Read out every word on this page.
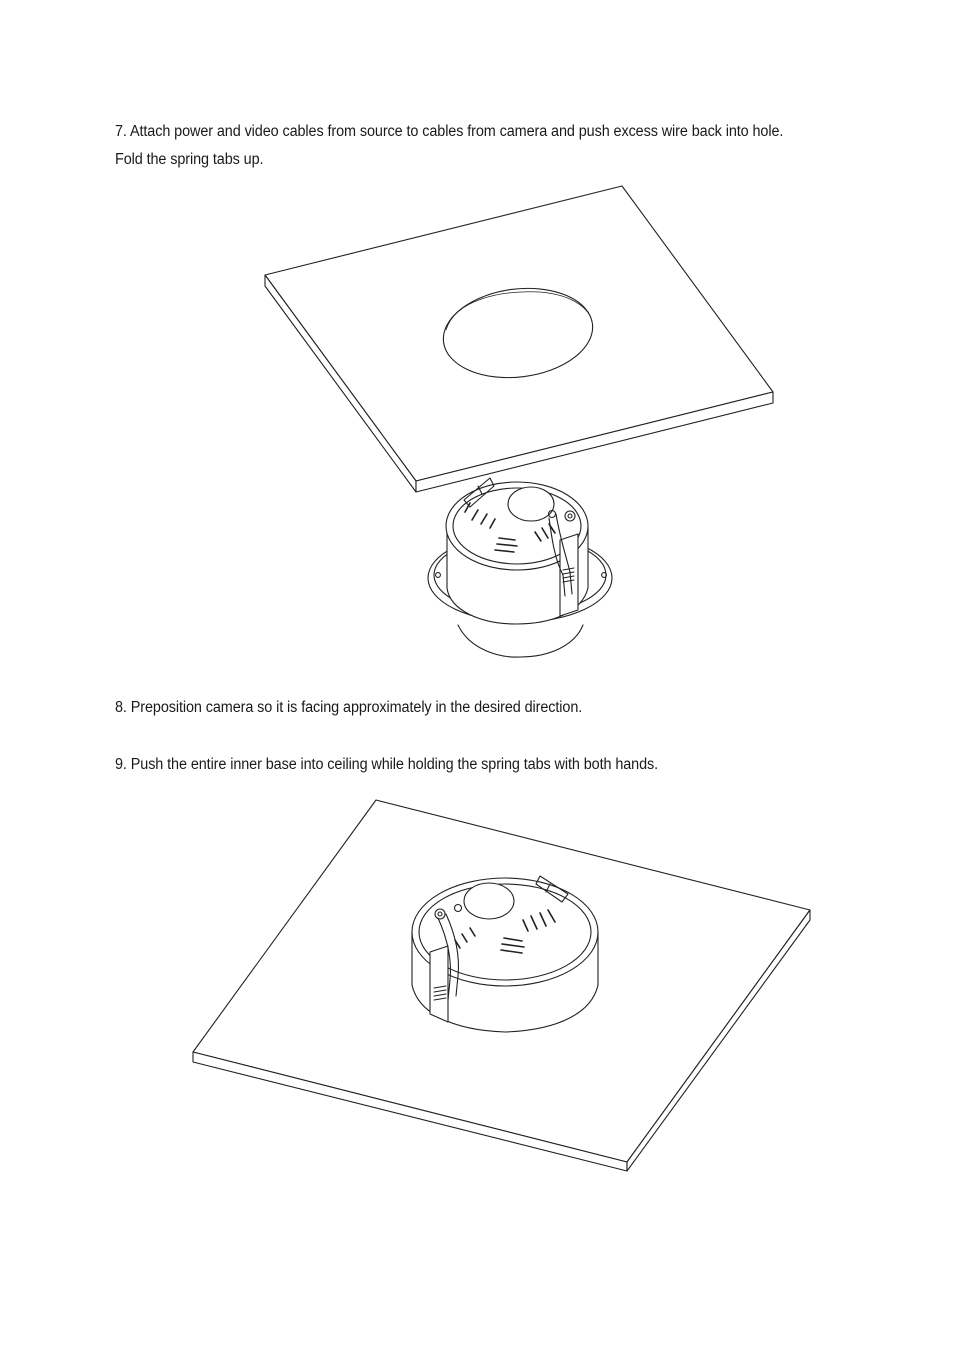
7. Attach power and video cables from source to cables from camera and push excess wire back into hole.
Fold the spring tabs up.
8. Preposition camera so it is facing approximately in the desired direction.
9. Push the entire inner base into ceiling while holding the spring tabs with both hands.
